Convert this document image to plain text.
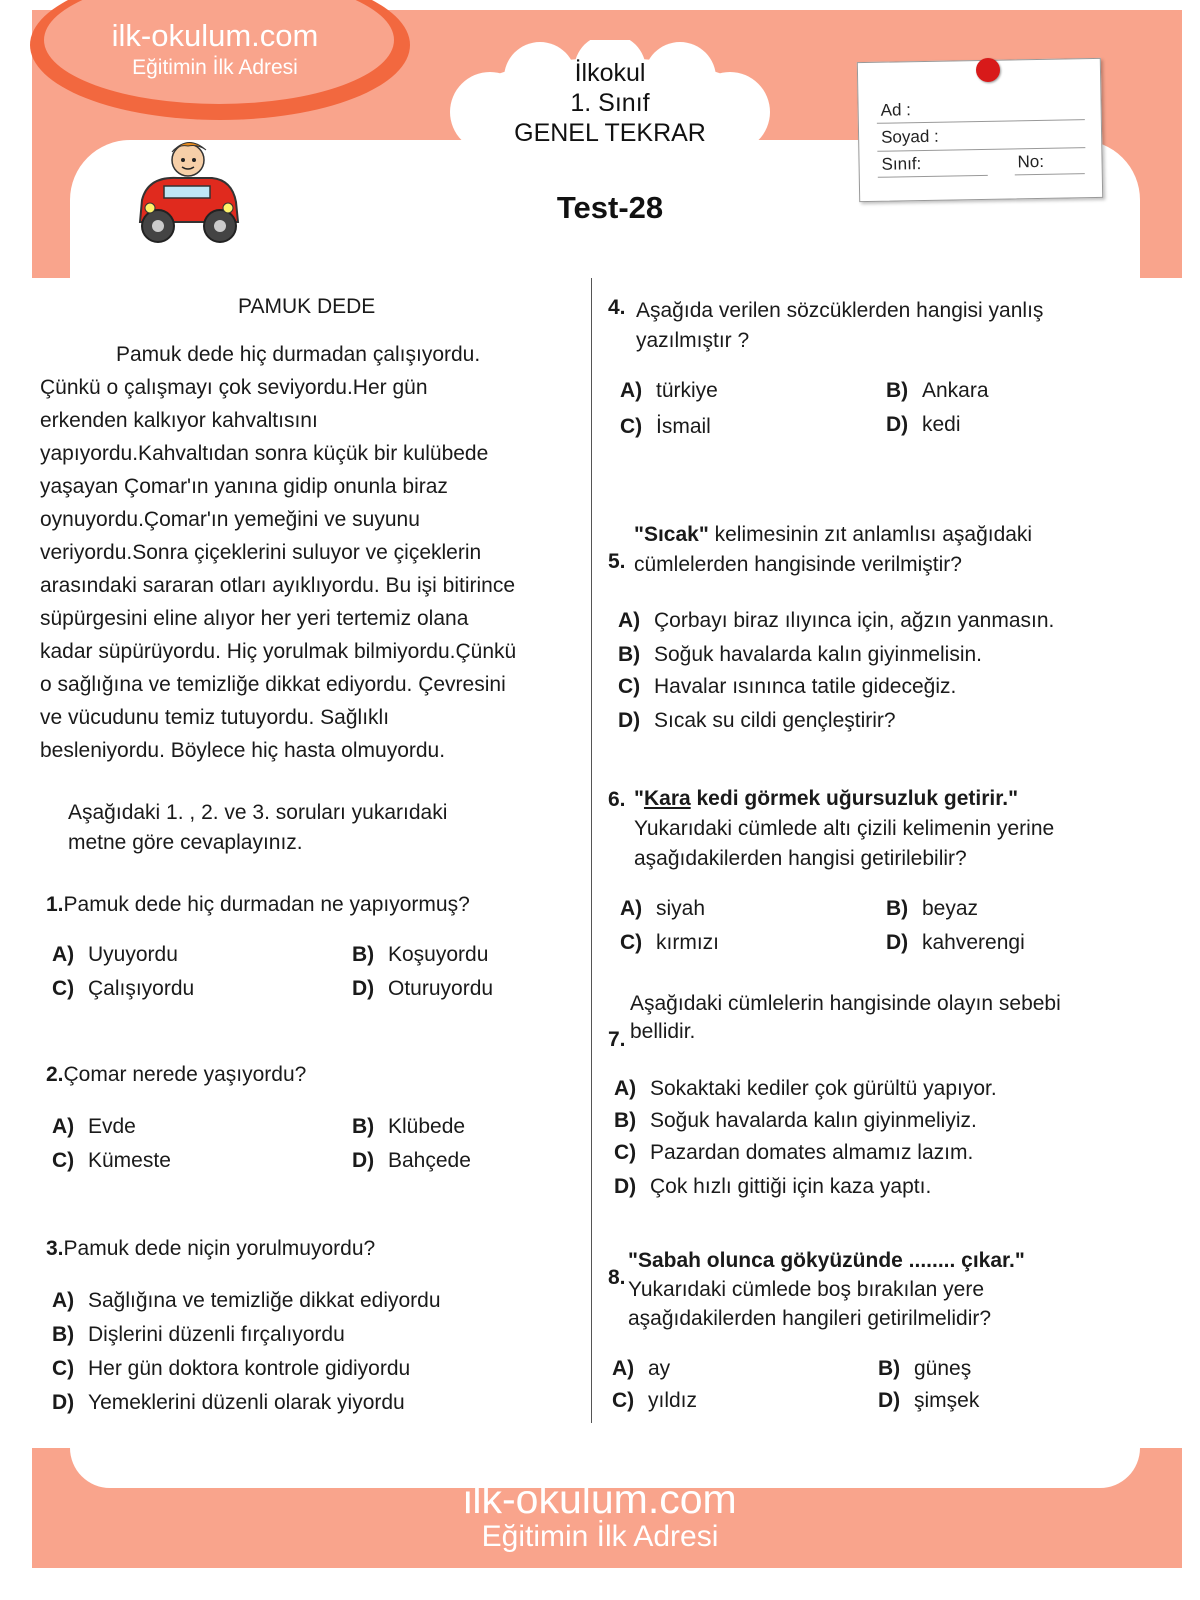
ilk-okulum.com
Eğitimin İlk Adresi	İlkokul
1. Sınıf
GENEL TEKRAR
Test-28
Ad :
Soyad :
Sınıf:	No:
PAMUK DEDE
Pamuk dede hiç durmadan çalışıyordu.
Çünkü o çalışmayı çok seviyordu.Her gün
erkenden kalkıyor kahvaltısını
yapıyordu.Kahvaltıdan sonra küçük bir kulübede
yaşayan Çomar'ın yanına gidip onunla biraz
oynuyordu.Çomar'ın yemeğini ve suyunu
veriyordu.Sonra çiçeklerini suluyor ve çiçeklerin
arasındaki sararan otları ayıklıyordu. Bu işi bitirince
süpürgesini eline alıyor her yeri tertemiz olana
kadar süpürüyordu. Hiç yorulmak bilmiyordu.Çünkü
o sağlığına ve temizliğe dikkat ediyordu. Çevresini
ve vücudunu temiz tutuyordu. Sağlıklı
besleniyordu. Böylece hiç hasta olmuyordu.
Aşağıdaki 1. , 2. ve 3. soruları yukarıdaki
metne göre cevaplayınız.
1.Pamuk dede hiç durmadan ne yapıyormuş?
A) Uyuyordu	B) Koşuyordu
C) Çalışıyordu	D) Oturuyordu
2.Çomar nerede yaşıyordu?
A) Evde	B) Klübede
C) Kümeste	D) Bahçede
3.Pamuk dede niçin yorulmuyordu?
A) Sağlığına ve temizliğe dikkat ediyordu
B) Dişlerini düzenli fırçalıyordu
C) Her gün doktora kontrole gidiyordu
D) Yemeklerini düzenli olarak yiyordu
4. Aşağıda verilen sözcüklerden hangisi yanlış
yazılmıştır ?
A) türkiye	B) Ankara
C) İsmail	D) kedi
"Sıcak" kelimesinin zıt anlamlısı aşağıdaki
cümlelerden hangisinde verilmiştir?
5.
A) Çorbayı biraz ılıyınca için, ağzın yanmasın.
B) Soğuk havalarda kalın giyinmelisin.
C) Havalar ısınınca tatile gideceğiz.
D) Sıcak su cildi gençleştirir?
6. "Kara kedi görmek uğursuzluk getirir."
Yukarıdaki cümlede altı çizili kelimenin yerine
aşağıdakilerden hangisi getirilebilir?
A) siyah	B) beyaz
C) kırmızı	D) kahverengi
Aşağıdaki cümlelerin hangisinde olayın sebebi
bellidir.
7.
A) Sokaktaki kediler çok gürültü yapıyor.
B) Soğuk havalarda kalın giyinmeliyiz.
C) Pazardan domates almamız lazım.
D) Çok hızlı gittiği için kaza yaptı.
"Sabah olunca gökyüzünde ........ çıkar."
Yukarıdaki cümlede boş bırakılan yere
aşağıdakilerden hangileri getirilmelidir?
8.
A) ay	B) güneş
C) yıldız	D) şimşek
ilk-okulum.com
Eğitimin İlk Adresi
